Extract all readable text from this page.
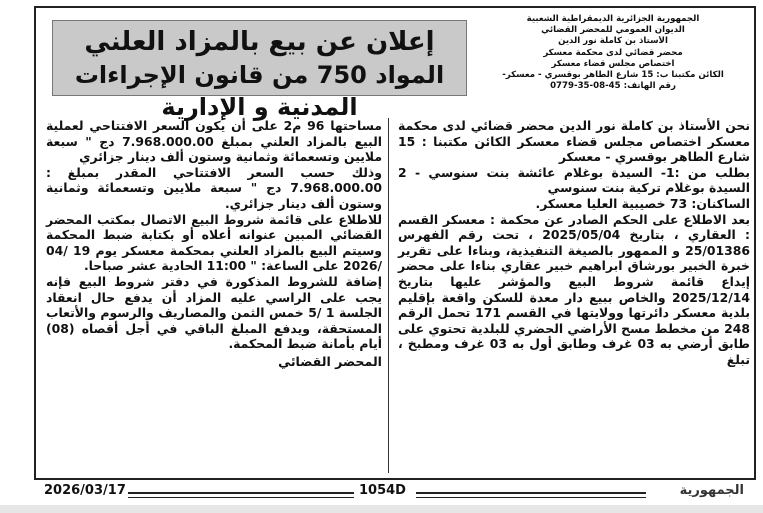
إعلان عن بيع بالمزاد العلني
المواد 750 من قانون الإجراءات المدنية و الإدارية
الجمهورية الجزائرية الديمقراطية الشعبية
الديوان العمومي للمحضر القضائي
الأستاذ بن كاملة نور الدين
محضر قضائي لدى محكمة معسكر
اختصاص مجلس قضاء معسكر
الكائن مكتبنا ب: 15 شارع الطاهر بوقسري - معسكر-
رقم الهاتف: 45-08-35-0779

نحن الأستاذ بن كاملة نور الدين محضر قضائي لدى محكمة معسكر اختصاص مجلس قضاء معسكر الكائن مكتبنا : 15 شارع الطاهر بوقسري - معسكر

بطلب من :1- السيدة بوغلام عائشة بنت سنوسي - 2 السيدة بوغلام تركية بنت سنوسي

الساكنان: 73 خصيبية العليا معسكر.

بعد الاطلاع على الحكم الصادر عن محكمة : معسكر القسم : العقاري ، بتاريخ 2025/05/04 ، تحت رقم الفهرس 25/01386 و الممهور بالصيغة التنفيذية، وبناءا على تقرير خبرة الخبير بورشاق ابراهيم خبير عقاري بناءا على محضر إيداع قائمة شروط البيع والمؤشر عليها بتاريخ 2025/12/14 والخاص ببيع دار معدة للسكن واقعة بإقليم بلدية معسكر دائرتها وولايتها في القسم 171 تحمل الرقم 248 من مخطط مسح الأراضي الحضري للبلدية تحتوي على طابق أرضي به 03 غرف وطابق أول به 03 غرف ومطبخ ، تبلغ

مساحتها 96 م2 على أن يكون السعر الافتتاحي لعملية البيع بالمزاد العلني بمبلغ 7.968.000.00 دج " سبعة ملايين وتسعمائة وثمانية وستون ألف دينار جزائري

وذلك حسب السعر الافتتاحي المقدر بمبلغ : 7.968.000.00 دج " سبعة ملايين وتسعمائة وثمانية وستون ألف دينار جزائري.

للاطلاع على قائمة شروط البيع الاتصال بمكتب المحضر القضائي المبين عنوانه أعلاه أو بكتابة ضبط المحكمة وسيتم البيع بالمزاد العلني بمحكمة معسكر يوم 19 /04 /2026 على الساعة: " 11:00 الحادية عشر صباحا.

إضافة للشروط المذكورة في دفتر شروط البيع فإنه يجب على الراسي عليه المزاد أن يدفع حال انعقاد الجلسة 1 /5 خمس الثمن والمصاريف والرسوم والأتعاب المستحقة، ويدفع المبلغ الباقي في أجل أقصاه (08) أيام بأمانة ضبط المحكمة.

المحضر القضائي

2026/03/17	1054D	الجمهورية
